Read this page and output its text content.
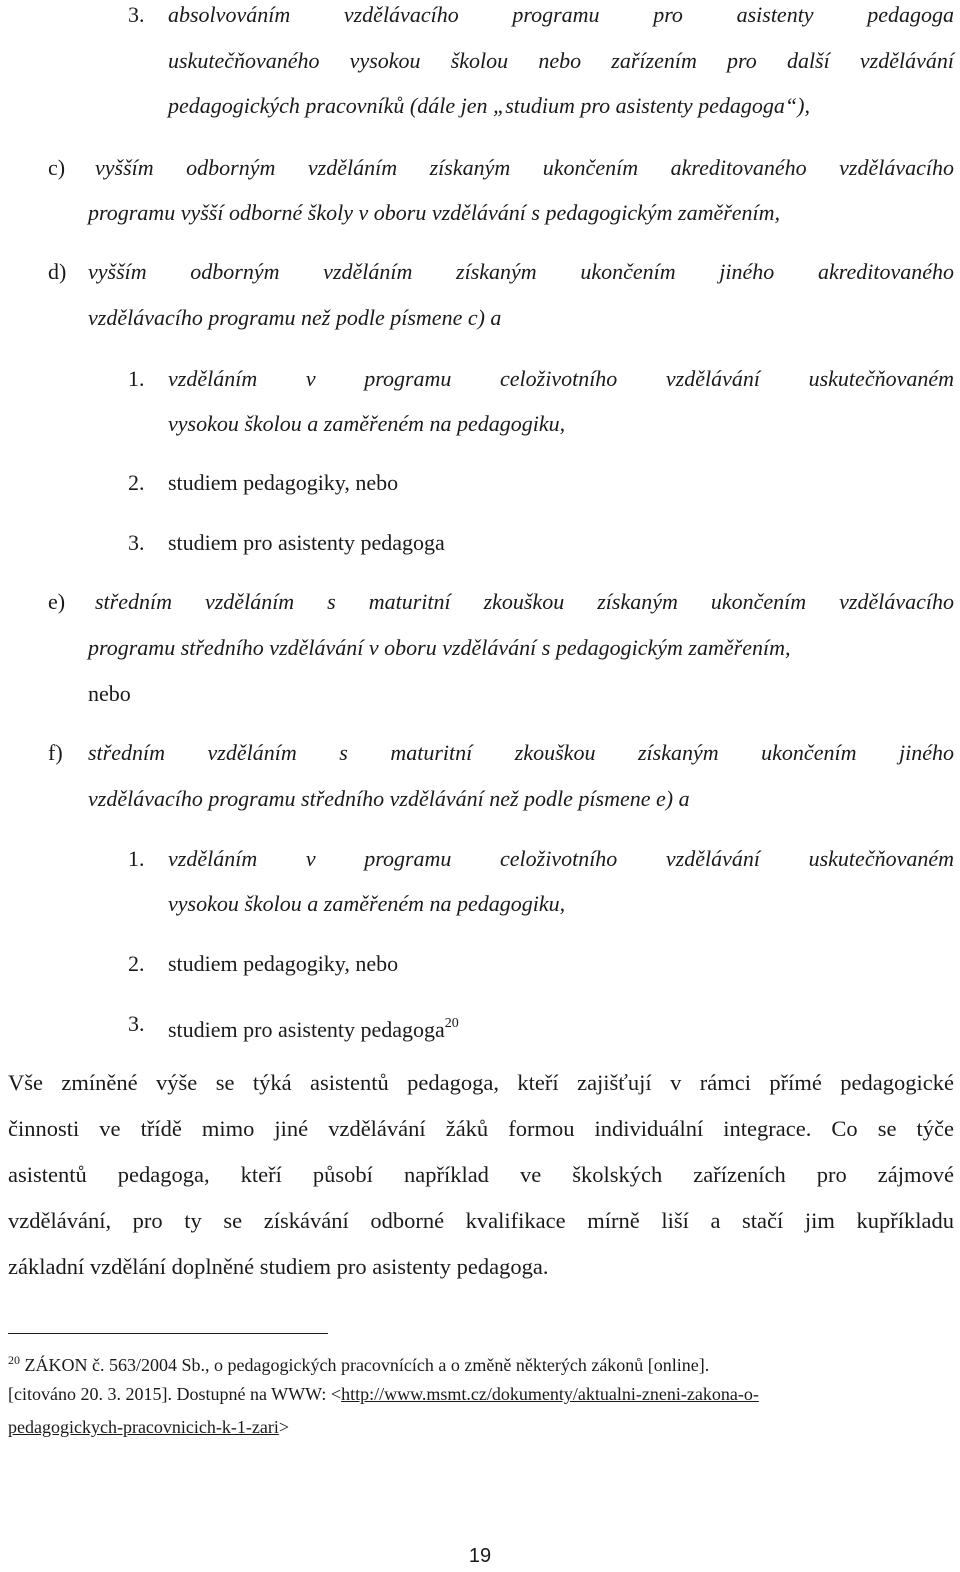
3. absolvováním vzdělávacího programu pro asistenty pedagoga
uskutečňovaného vysokou školou nebo zařízením pro další vzdělávání
pedagogických pracovníků (dále jen „studium pro asistenty pedagoga“),
c) vyšším odborným vzděláním získaným ukončením akreditovaného vzdělávacího
programu vyšší odborné školy v oboru vzdělávání s pedagogickým zaměřením,
d) vyšším odborným vzděláním získaným ukončením jiného akreditovaného
vzdělávacího programu než podle písmene c) a
1. vzděláním v programu celoživotního vzdělávání uskutečňovaném
vysokou školou a zaměřeném na pedagogiku,
2. studiem pedagogiky, nebo
3. studiem pro asistenty pedagoga
e) středním vzděláním s maturitní zkouškou získaným ukončením vzdělávacího
programu středního vzdělávání v oboru vzdělávání s pedagogickým zaměřením,
nebo
f) středním vzděláním s maturitní zkouškou získaným ukončením jiného
vzdělávacího programu středního vzdělávání než podle písmene e) a
1. vzděláním v programu celoživotního vzdělávání uskutečňovaném
vysokou školou a zaměřeném na pedagogiku,
2. studiem pedagogiky, nebo
3. studiem pro asistenty pedagoga$^{20}$
Vše zmíněné výše se týká asistentů pedagoga, kteří zajišťují v rámci přímé pedagogické
činnosti ve třídě mimo jiné vzdělávání žáků formou individuální integrace. Co se týče
asistentů pedagoga, kteří působí například ve školských zařízeních pro zájmové
vzdělávání, pro ty se získávání odborné kvalifikace mírně liší a stačí jim kupříkladu
základní vzdělání doplněné studiem pro asistenty pedagoga.
$^{20}$ ZÁKON č. 563/2004 Sb., o pedagogických pracovnících a o změně některých zákonů [online].
[citováno 20. 3. 2015]. Dostupné na WWW: <http://www.msmt.cz/dokumenty/aktualni-zneni-zakona-o-
pedagogickych-pracovnicich-k-1-zari>
19
